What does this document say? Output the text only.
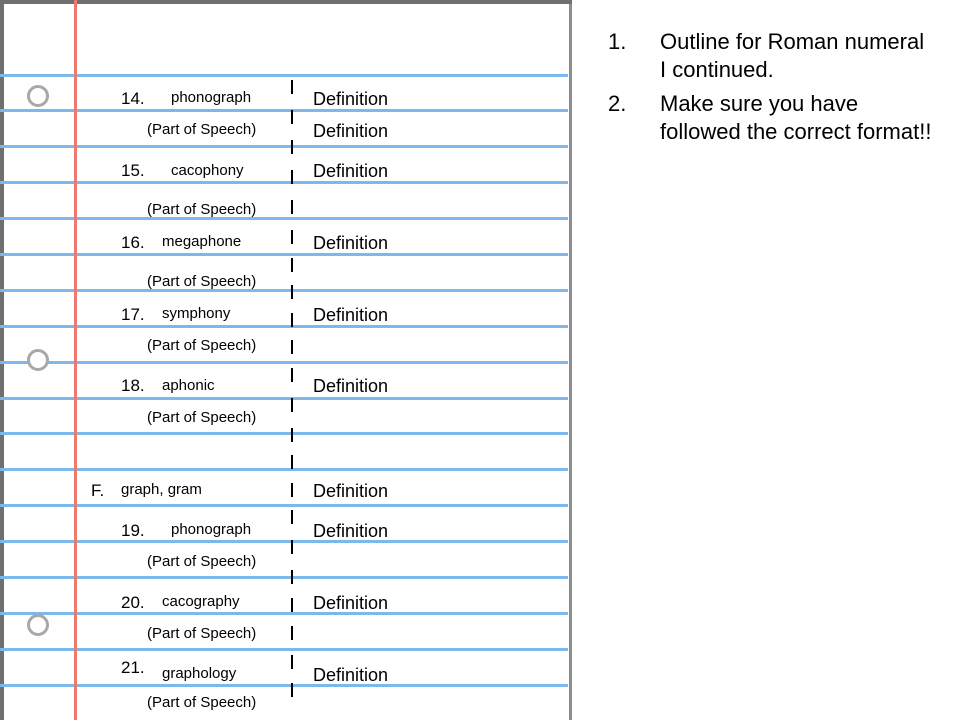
14. phonograph
(Part of Speech)
Definition
Definition
15. cacophony
(Part of Speech)
Definition
16. megaphone
(Part of Speech)
Definition
17. symphony
(Part of Speech)
Definition
18. aphonic
(Part of Speech)
Definition
F. graph, gram	Definition
19. phonograph
(Part of Speech)
Definition
20. cacography
(Part of Speech)
Definition
21. graphology
(Part of Speech)
Definition
1. Outline for Roman numeral I continued.
2. Make sure you have followed the correct format!!
